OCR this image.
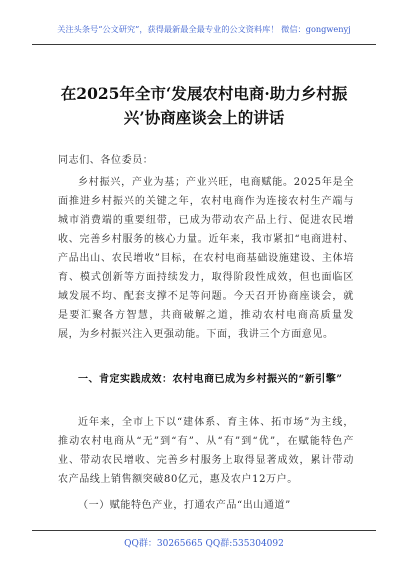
关注头条号“公文研究”，获得最新最全最专业的公文资料库！ 微信：gongwenyj
在2025年全市‘发展农村电商·助力乡村振兴’协商座谈会上的讲话
同志们、各位委员：
乡村振兴，产业为基；产业兴旺，电商赋能。2025年是全面推进乡村振兴的关键之年，农村电商作为连接农村生产端与城市消费端的重要纽带，已成为带动农产品上行、促进农民增收、完善乡村服务的核心力量。近年来，我市紧扣“电商进村、产品出山、农民增收”目标，在农村电商基础设施建设、主体培育、模式创新等方面持续发力，取得阶段性成效，但也面临区域发展不均、配套支撑不足等问题。今天召开协商座谈会，就是要汇聚各方智慧，共商破解之道，推动农村电商高质量发展，为乡村振兴注入更强动能。下面，我讲三个方面意见。
一、肯定实践成效：农村电商已成为乡村振兴的“新引擎”
近年来，全市上下以“建体系、育主体、拓市场”为主线，推动农村电商从“无”到“有”、从“有”到“优”，在赋能特色产业、带动农民增收、完善乡村服务上取得显著成效，累计带动农产品线上销售额突破80亿元，惠及农户12万户。
（一）赋能特色产业，打通农产品“出山通道”
QQ群：30265665 QQ群:535304092
